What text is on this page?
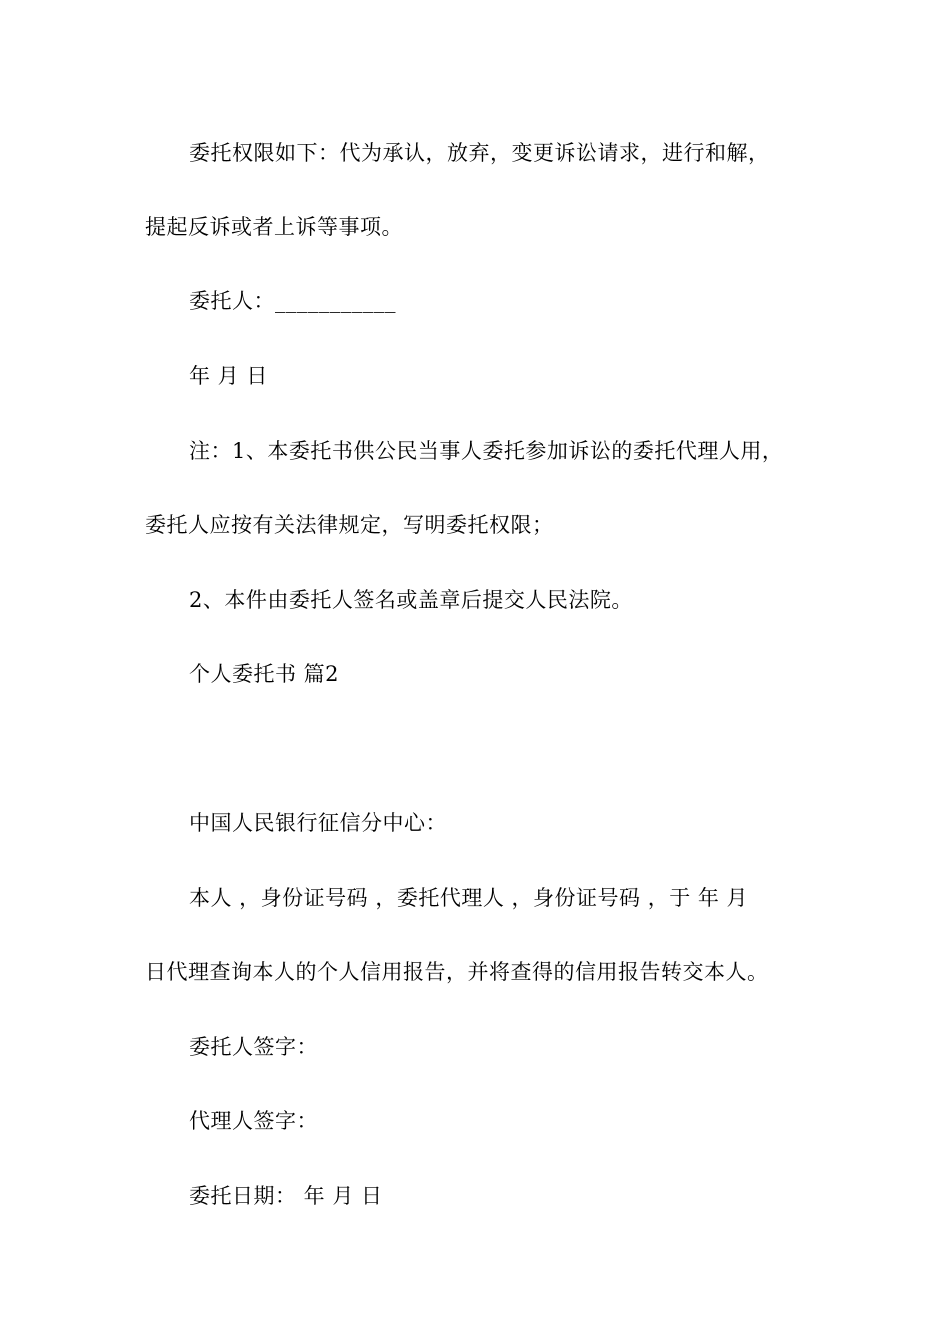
委托权限如下：代为承认，放弃，变更诉讼请求，进行和解，
提起反诉或者上诉等事项。
委托人：___________
年 月 日
注：1、本委托书供公民当事人委托参加诉讼的委托代理人用，
委托人应按有关法律规定，写明委托权限；
2、本件由委托人签名或盖章后提交人民法院。
个人委托书 篇2
中国人民银行征信分中心：
本人 ，身份证号码 ，委托代理人 ，身份证号码 ，于 年 月
日代理查询本人的个人信用报告，并将查得的信用报告转交本人。
委托人签字：
代理人签字：
委托日期： 年 月 日
